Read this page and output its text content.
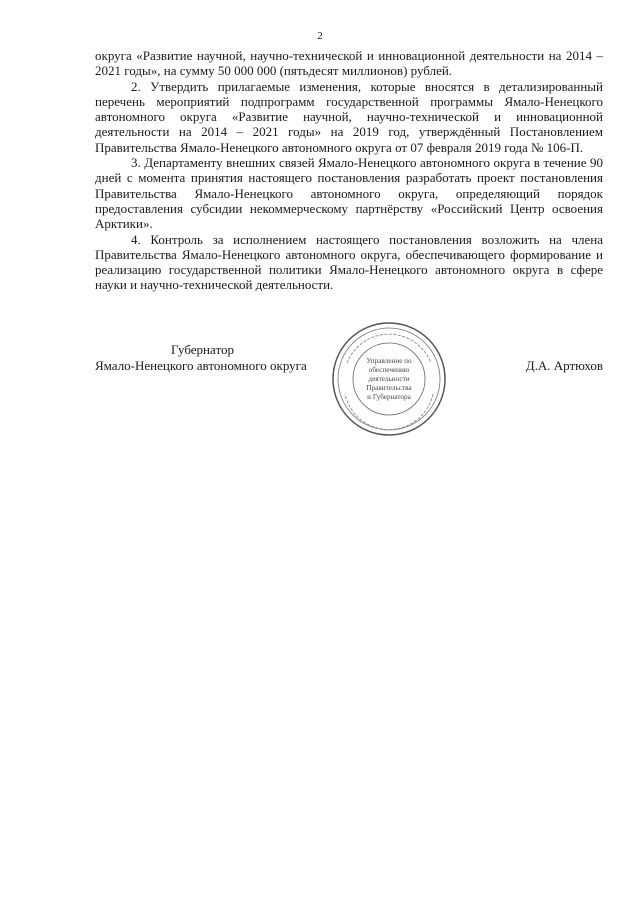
2

округа «Развитие научной, научно-технической и инновационной деятельности на 2014 – 2021 годы», на сумму 50 000 000 (пятьдесят миллионов) рублей.

2. Утвердить прилагаемые изменения, которые вносятся в детализированный перечень мероприятий подпрограмм государственной программы Ямало-Ненецкого автономного округа «Развитие научной, научно-технической и инновационной деятельности на 2014 – 2021 годы» на 2019 год, утверждённый Постановлением Правительства Ямало-Ненецкого автономного округа от 07 февраля 2019 года № 106-П.

3. Департаменту внешних связей Ямало-Ненецкого автономного округа в течение 90 дней с момента принятия настоящего постановления разработать проект постановления Правительства Ямало-Ненецкого автономного округа, определяющий порядок предоставления субсидии некоммерческому партнёрству «Российский Центр освоения Арктики».

4. Контроль за исполнением настоящего постановления возложить на члена Правительства Ямало-Ненецкого автономного округа, обеспечивающего формирование и реализацию государственной политики Ямало-Ненецкого автономного округа в сфере науки и научно-технической деятельности.

Губернатор
Ямало-Ненецкого автономного округа	Д.А. Артюхов
Управление по
обеспечению
деятельности
Правительства
и Губернатора
